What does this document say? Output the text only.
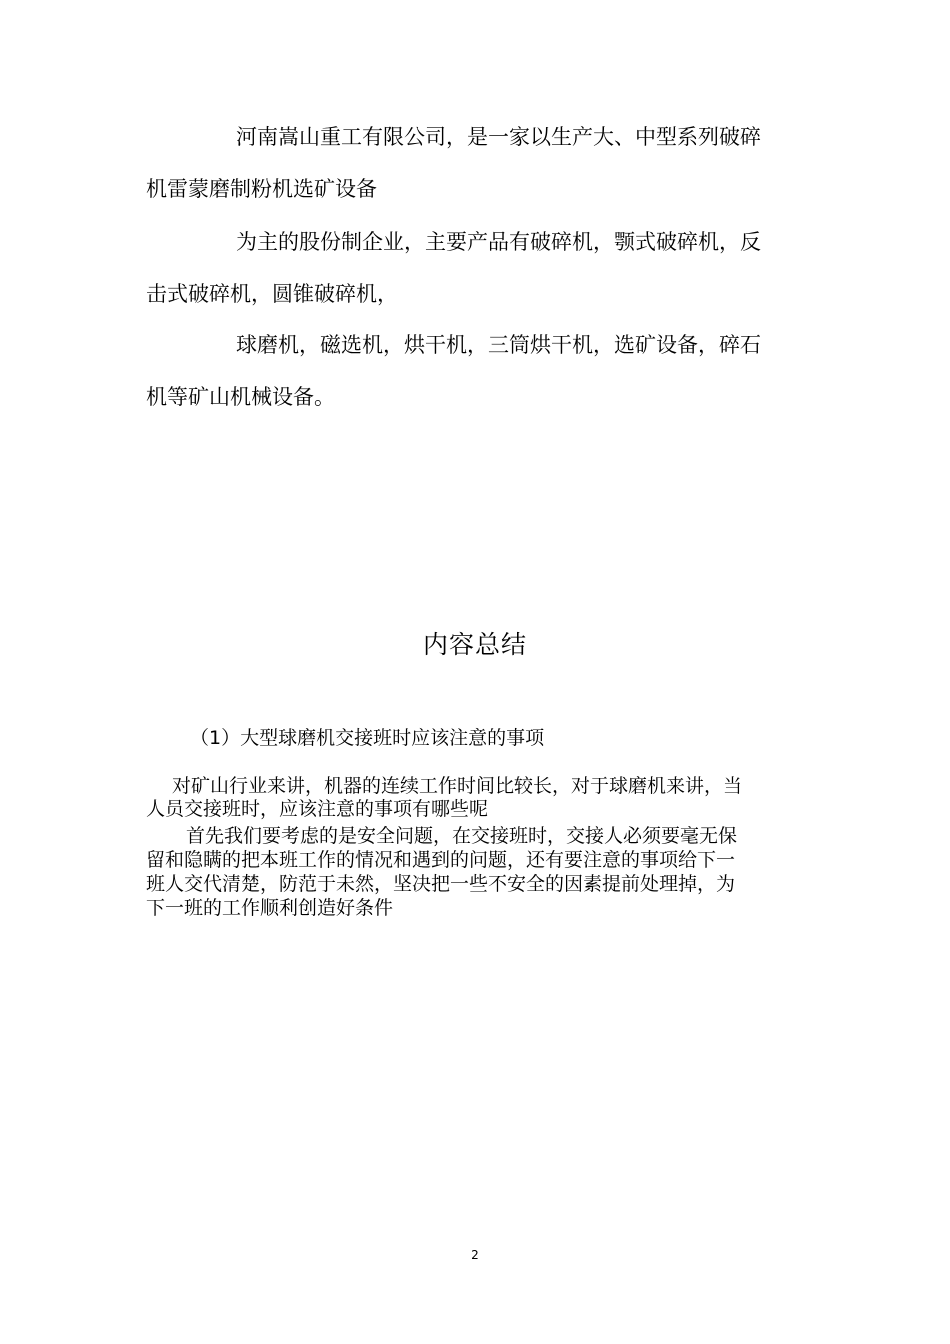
河南嵩山重工有限公司，是一家以生产大、中型系列破碎
机雷蒙磨制粉机选矿设备
为主的股份制企业，主要产品有破碎机，颚式破碎机，反
击式破碎机，圆锥破碎机，
球磨机，磁选机，烘干机，三筒烘干机，选矿设备，碎石
机等矿山机械设备。
内容总结
（1）大型球磨机交接班时应该注意的事项
对矿山行业来讲，机器的连续工作时间比较长，对于球磨机来讲，当
人员交接班时，应该注意的事项有哪些呢
首先我们要考虑的是安全问题，在交接班时，交接人必须要毫无保
留和隐瞒的把本班工作的情况和遇到的问题，还有要注意的事项给下一
班人交代清楚，防范于未然，坚决把一些不安全的因素提前处理掉，为
下一班的工作顺利创造好条件
2
